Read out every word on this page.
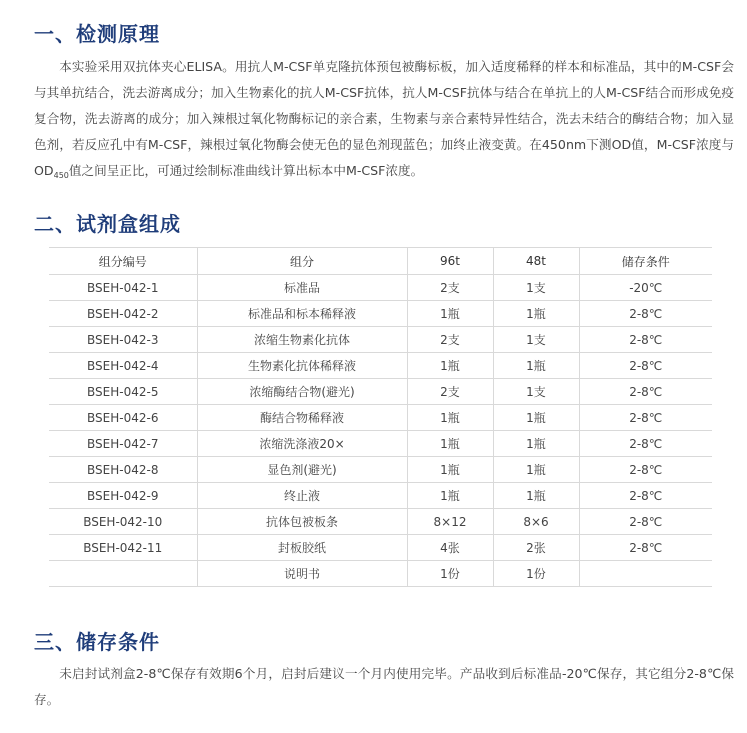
一、检测原理

本实验采用双抗体夹心ELISA。用抗人M-CSF单克隆抗体预包被酶标板，加入适度稀释的样本和标准品，其中的M-CSF会与其单抗结合，洗去游离成分；加入生物素化的抗人M-CSF抗体，抗人M-CSF抗体与结合在单抗上的人M-CSF结合而形成免疫复合物，洗去游离的成分；加入辣根过氧化物酶标记的亲合素，生物素与亲合素特异性结合，洗去未结合的酶结合物；加入显色剂，若反应孔中有M-CSF，辣根过氧化物酶会使无色的显色剂现蓝色；加终止液变黄。在450nm下测OD值，M-CSF浓度与$OD_{450}$值之间呈正比，可通过绘制标准曲线计算出标本中M-CSF浓度。

二、试剂盒组成
组分编号	组分	96t	48t	储存条件
BSEH-042-1	标准品	2支	1支	-20℃
BSEH-042-2	标准品和标本稀释液	1瓶	1瓶	2-8℃
BSEH-042-3	浓缩生物素化抗体	2支	1支	2-8℃
BSEH-042-4	生物素化抗体稀释液	1瓶	1瓶	2-8℃
BSEH-042-5	浓缩酶结合物(避光)	2支	1支	2-8℃
BSEH-042-6	酶结合物稀释液	1瓶	1瓶	2-8℃
BSEH-042-7	浓缩洗涤液20×	1瓶	1瓶	2-8℃
BSEH-042-8	显色剂(避光)	1瓶	1瓶	2-8℃
BSEH-042-9	终止液	1瓶	1瓶	2-8℃
BSEH-042-10	抗体包被板条	8×12	8×6	2-8℃
BSEH-042-11	封板胶纸	4张	2张	2-8℃
	说明书	1份	1份	
三、储存条件

未启封试剂盒2-8℃保存有效期6个月，启封后建议一个月内使用完毕。产品收到后标准品-20℃保存，其它组分2-8℃保存。
